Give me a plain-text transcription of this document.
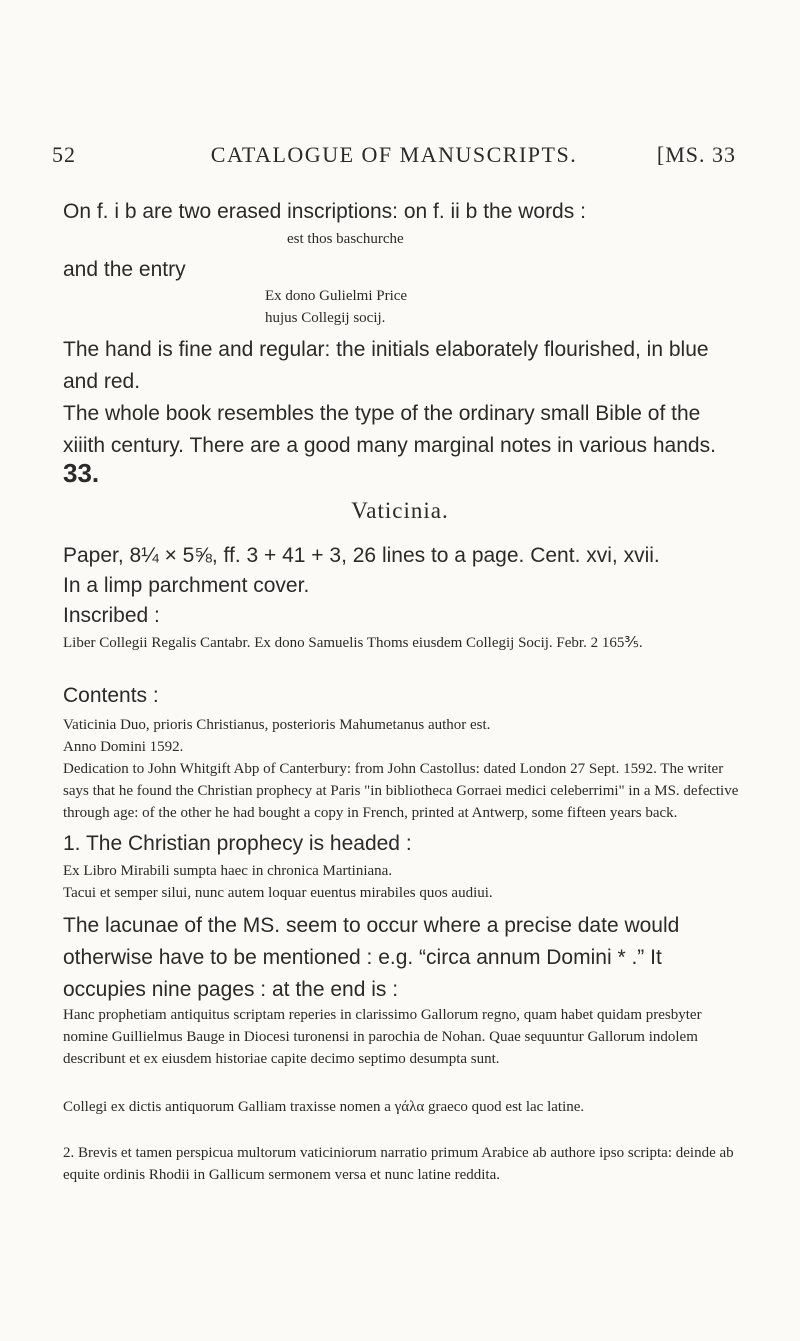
52	CATALOGUE OF MANUSCRIPTS.	[MS. 33

On f. i b are two erased inscriptions: on f. ii b the words :

est thos baschurche

and the entry

Ex dono Gulielmi Price

hujus Collegij socij.

The hand is fine and regular: the initials elaborately flourished, in blue and red.

The whole book resembles the type of the ordinary small Bible of the xiiith century. There are a good many marginal notes in various hands.

33.
Vaticinia.

Paper, 8¼ × 5⅝, ff. 3 + 41 + 3, 26 lines to a page. Cent. xvi, xvii.

In a limp parchment cover.

Inscribed :

Liber Collegii Regalis Cantabr. Ex dono Samuelis Thoms eiusdem Collegij Socij. Febr. 2 165⅗.

Contents :

Vaticinia Duo, prioris Christianus, posterioris Mahumetanus author est.

Anno Domini 1592.

Dedication to John Whitgift Abp of Canterbury: from John Castollus: dated London 27 Sept. 1592. The writer says that he found the Christian prophecy at Paris "in bibliotheca Gorraei medici celeberrimi" in a MS. defective through age: of the other he had bought a copy in French, printed at Antwerp, some fifteen years back.

1. The Christian prophecy is headed :

Ex Libro Mirabili sumpta haec in chronica Martiniana.

Tacui et semper silui, nunc autem loquar euentus mirabiles quos audiui.

The lacunae of the MS. seem to occur where a precise date would otherwise have to be mentioned : e.g. “circa annum Domini * .” It occupies nine pages : at the end is :

Hanc prophetiam antiquitus scriptam reperies in clarissimo Gallorum regno, quam habet quidam presbyter nomine Guillielmus Bauge in Diocesi turonensi in parochia de Nohan. Quae sequuntur Gallorum indolem describunt et ex eiusdem historiae capite decimo septimo desumpta sunt.

Collegi ex dictis antiquorum Galliam traxisse nomen a γάλα graeco quod est lac latine.

2. Brevis et tamen perspicua multorum vaticiniorum narratio primum Arabice ab authore ipso scripta: deinde ab equite ordinis Rhodii in Gallicum sermonem versa et nunc latine reddita.
